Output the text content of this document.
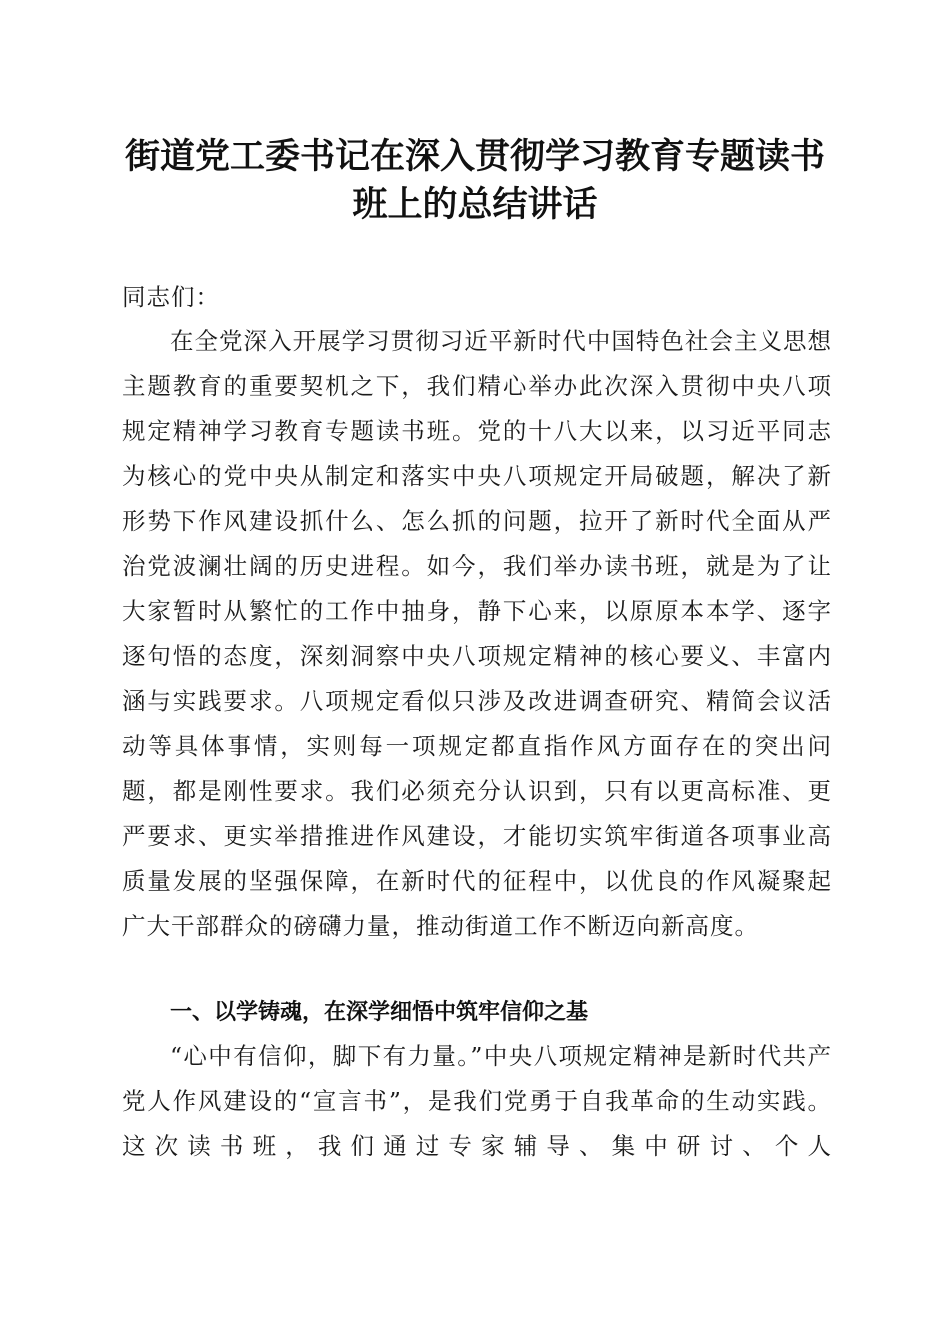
街道党工委书记在深入贯彻学习教育专题读书
班上的总结讲话
同志们：
在全党深入开展学习贯彻习近平新时代中国特色社会主义思想主题教育的重要契机之下，我们精心举办此次深入贯彻中央八项规定精神学习教育专题读书班。党的十八大以来，以习近平同志为核心的党中央从制定和落实中央八项规定开局破题，解决了新形势下作风建设抓什么、怎么抓的问题，拉开了新时代全面从严治党波澜壮阔的历史进程。如今，我们举办读书班，就是为了让大家暂时从繁忙的工作中抽身，静下心来，以原原本本学、逐字逐句悟的态度，深刻洞察中央八项规定精神的核心要义、丰富内涵与实践要求。八项规定看似只涉及改进调查研究、精简会议活动等具体事情，实则每一项规定都直指作风方面存在的突出问题，都是刚性要求。我们必须充分认识到，只有以更高标准、更严要求、更实举措推进作风建设，才能切实筑牢街道各项事业高质量发展的坚强保障，在新时代的征程中，以优良的作风凝聚起广大干部群众的磅礴力量，推动街道工作不断迈向新高度。
一、以学铸魂，在深学细悟中筑牢信仰之基
“心中有信仰，脚下有力量。”中央八项规定精神是新时代共产党人作风建设的“宣言书”，是我们党勇于自我革命的生动实践。这次读书班，我们通过专家辅导、集中研讨、个人
